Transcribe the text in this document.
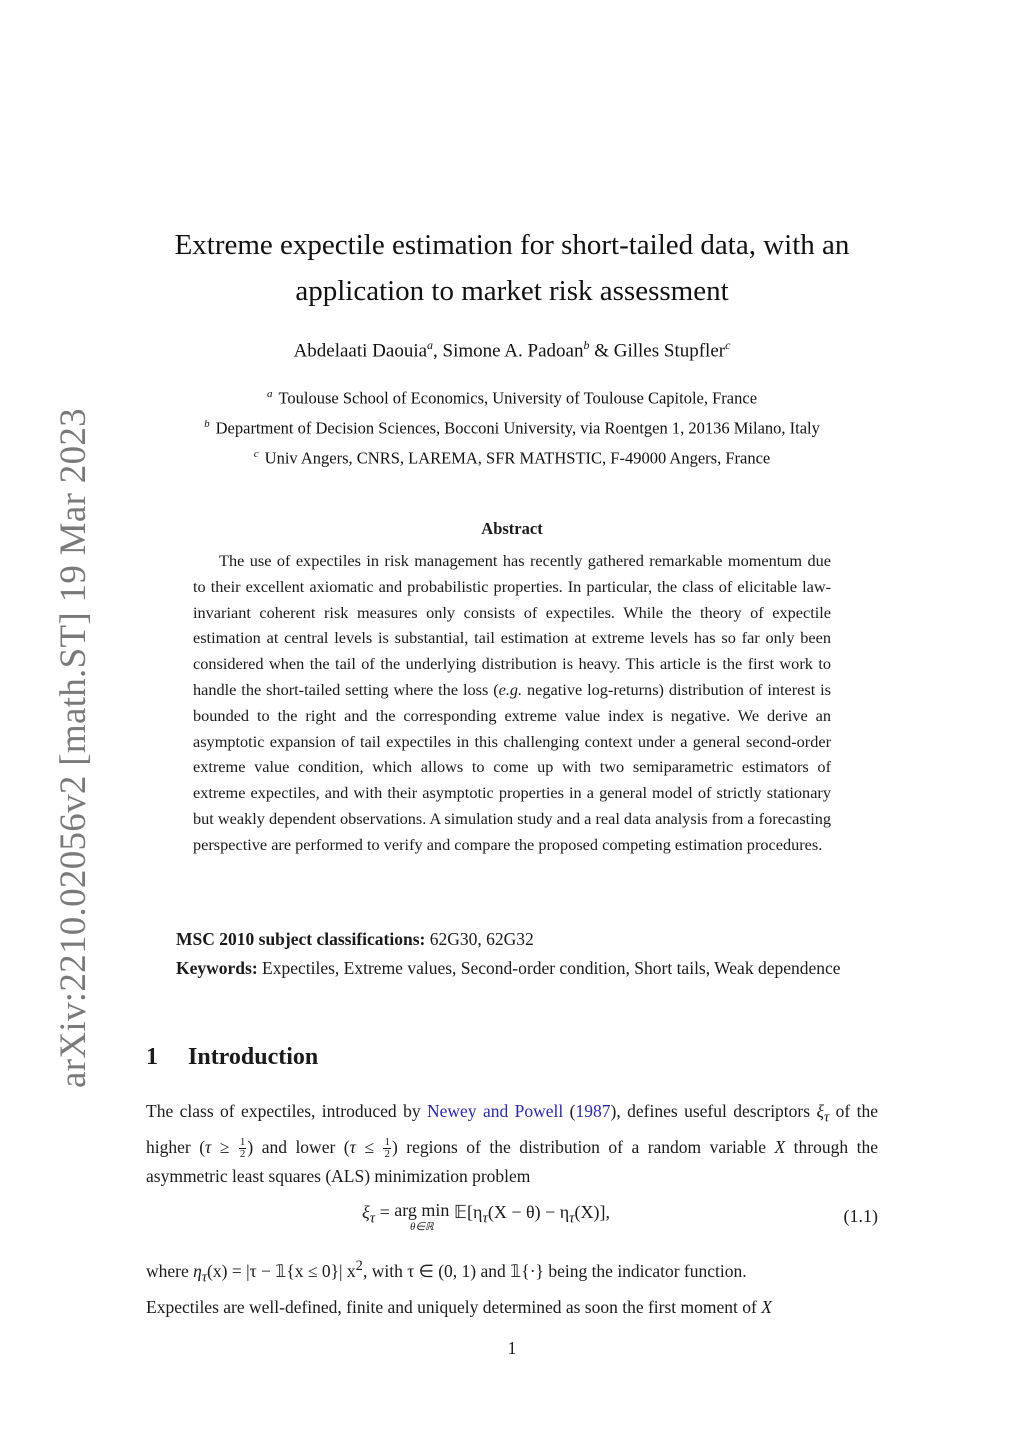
arXiv:2210.02056v2 [math.ST] 19 Mar 2023
Extreme expectile estimation for short-tailed data, with an
application to market risk assessment
Abdelaati Daouia$^a$, Simone A. Padoan$^b$ & Gilles Stupfler$^c$
$^a$ Toulouse School of Economics, University of Toulouse Capitole, France
$^b$ Department of Decision Sciences, Bocconi University, via Roentgen 1, 20136 Milano, Italy
$^c$ Univ Angers, CNRS, LAREMA, SFR MATHSTIC, F-49000 Angers, France
Abstract

The use of expectiles in risk management has recently gathered remarkable momentum due to their excellent axiomatic and probabilistic properties. In particular, the class of elicitable law-invariant coherent risk measures only consists of expectiles. While the theory of expectile estimation at central levels is substantial, tail estimation at extreme levels has so far only been considered when the tail of the underlying distribution is heavy. This article is the first work to handle the short-tailed setting where the loss (e.g. negative log-returns) distribution of interest is bounded to the right and the corresponding extreme value index is negative. We derive an asymptotic expansion of tail expectiles in this challenging context under a general second-order extreme value condition, which allows to come up with two semiparametric estimators of extreme expectiles, and with their asymptotic properties in a general model of strictly stationary but weakly dependent observations. A simulation study and a real data analysis from a forecasting perspective are performed to verify and compare the proposed competing estimation procedures.

MSC 2010 subject classifications: 62G30, 62G32

Keywords: Expectiles, Extreme values, Second-order condition, Short tails, Weak dependence

1 Introduction

The class of expectiles, introduced by Newey and Powell (1987), defines useful descriptors $\xi_\tau$ of the higher ($\tau \ge \frac{1}{2}$ ) and lower ($\tau \le \frac{1}{2}$ ) regions of the distribution of a random variable X through the asymmetric least squares (ALS) minimization problem

$\xi_\tau$ = arg min
θ∈ℝ
$𝔼[\eta_\tau(X - \theta) - \eta_\tau(X)]$,	(1.1)

where $\eta_\tau(x) = |\tau$ − 𝟙{x ≤ 0}| $x^2$, with τ ∈ (0, 1) and 𝟙{·} being the indicator function.
Expectiles are well-defined, finite and uniquely determined as soon the first moment of X

1
